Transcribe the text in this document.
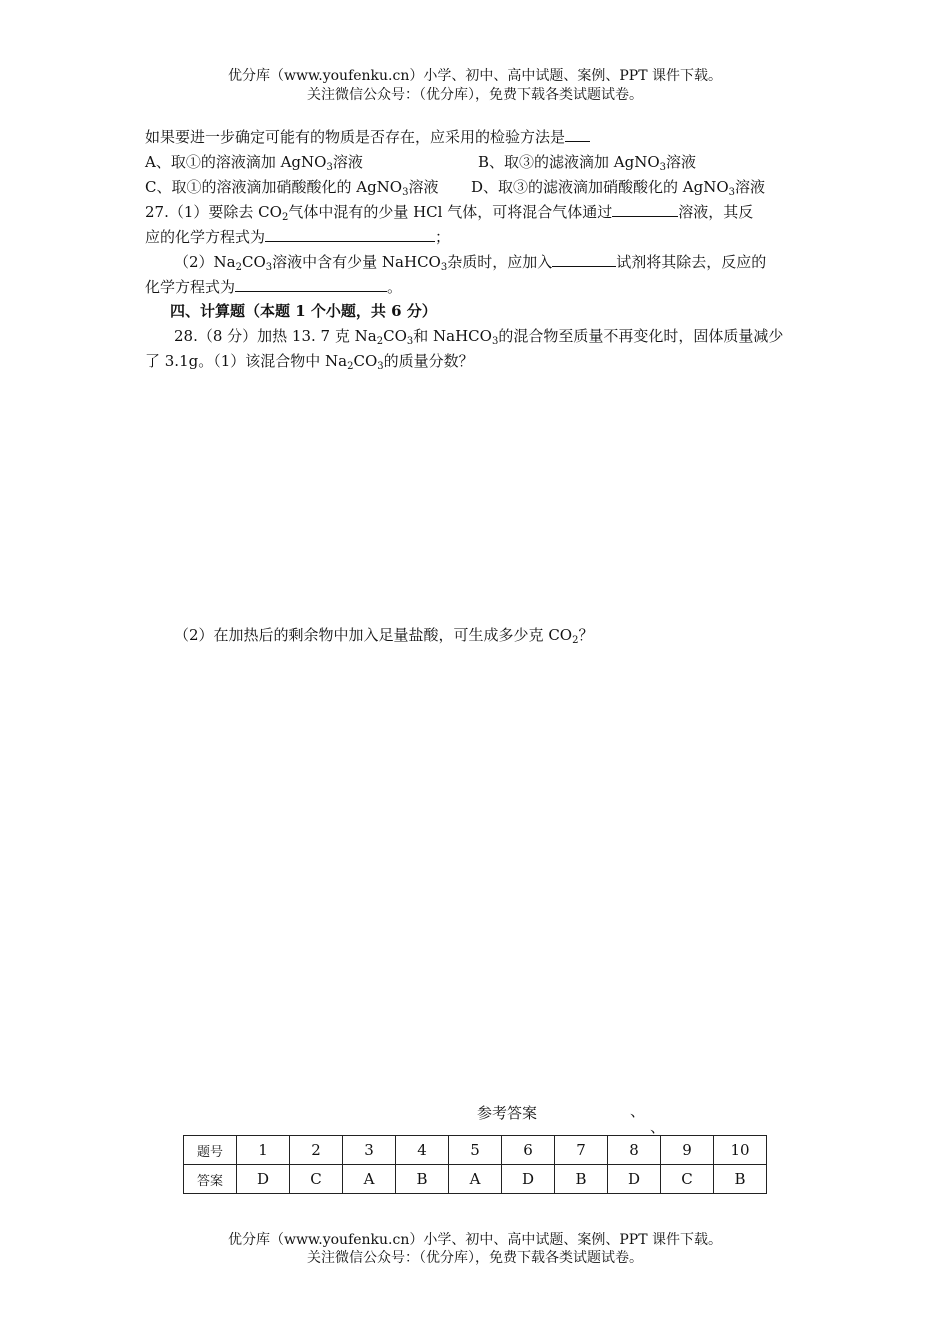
优分库（www.youfenku.cn）小学、初中、高中试题、案例、PPT 课件下载。
关注微信公众号：（优分库），免费下载各类试题试卷。
如果要进一步确定可能有的物质是否存在，应采用的检验方法是
A、取①的溶液滴加 AgNO$_3$溶液	B、取③的滤液滴加 AgNO$_3$溶液
C、取①的溶液滴加硝酸酸化的 AgNO$_3$溶液 D、取③的滤液滴加硝酸酸化的 AgNO$_3$溶液
27.（1）要除去 $CO_2$气体中混有的少量 HCl 气体，可将混合气体通过	溶液，其反
应的化学方程式为	；
$(2)Na_2CO_3$溶液中含有少量 NaHCO$_3$杂质时，应加入	试剂将其除去，反应的
化学方程式为	。
四、计算题（本题 1 个小题，共 6 分）
28.（8 分）加热 13. 7 克 $Na_2CO_3$和 NaHCO$_3$的混合物至质量不再变化时，固体质量减少
了 3.1g。（1）该混合物中 $Na_2CO_3$的质量分数？
（2）在加热后的剩余物中加入足量盐酸，可生成多少克 $CO_2$？
参考答案	、
、
题号	1	2	3	4	5	6	7	8	9	10
答案	D	C	A	B	A	D	B	D	C	B
优分库（www.youfenku.cn）小学、初中、高中试题、案例、PPT 课件下载。
关注微信公众号：（优分库），免费下载各类试题试卷。
